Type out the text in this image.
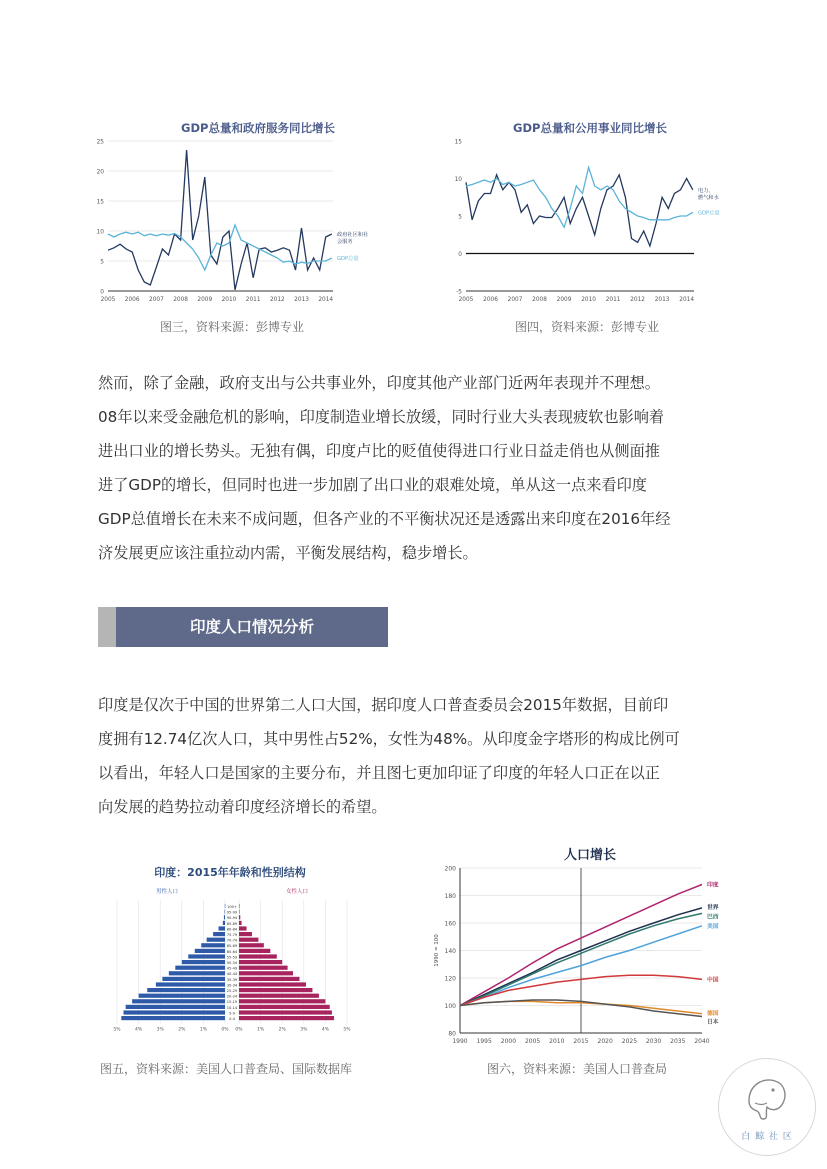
GDP总量和政府服务同比增长
0
5
10
15
20
25
2005 2006 2007 2008 2009 2010 2011 2012 2013 2014
政府社区和社
会服务
GDP总量
图三，资料来源：彭博专业
GDP总量和公用事业同比增长
-5
0
5
10
15
2005 2006 2007 2008 2009 2010 2011 2012 2013 2014
电力，
燃气和水
GDP总量
图四，资料来源：彭博专业

然而，除了金融，政府支出与公共事业外，印度其他产业部门近两年表现并不理想。

08年以来受金融危机的影响，印度制造业增长放缓，同时行业大头表现疲软也影响着

进出口业的增长势头。无独有偶，印度卢比的贬值使得进口行业日益走俏也从侧面推

进了GDP的增长，但同时也进一步加剧了出口业的艰难处境，单从这一点来看印度

GDP总值增长在未来不成问题，但各产业的不平衡状况还是透露出来印度在2016年经

济发展更应该注重拉动内需，平衡发展结构，稳步增长。

印度人口情况分析

印度是仅次于中国的世界第二人口大国，据印度人口普查委员会2015年数据，目前印

度拥有12.74亿次人口，其中男性占52%，女性为48%。从印度金字塔形的构成比例可

以看出，年轻人口是国家的主要分布，并且图七更加印证了印度的年轻人口正在以正

向发展的趋势拉动着印度经济增长的希望。

印度：2015年年龄和性别结构
男性人口	女性人口
100+
95-99
90-94
85-89
80-84
75-79
70-74
65-69
60-64
55-59
50-54
45-49
40-44
35-39
30-34
25-29
20-24
15-19
10-14
5-9
0-4
5%	4%	3%	2%	1%	0% 0%	1%	2%	3%	4%	5%
图五，资料来源：美国人口普查局、国际数据库
人口增长
80
100
120
140
160
180
200
1990 1995 2000 2005 2010 2015 2020 2025 2030 2035 2040
1990 = 100
印度
世界
巴西
美国
中国
德国
日本
图六，资料来源：美国人口普查局
白 鲸 社 区
